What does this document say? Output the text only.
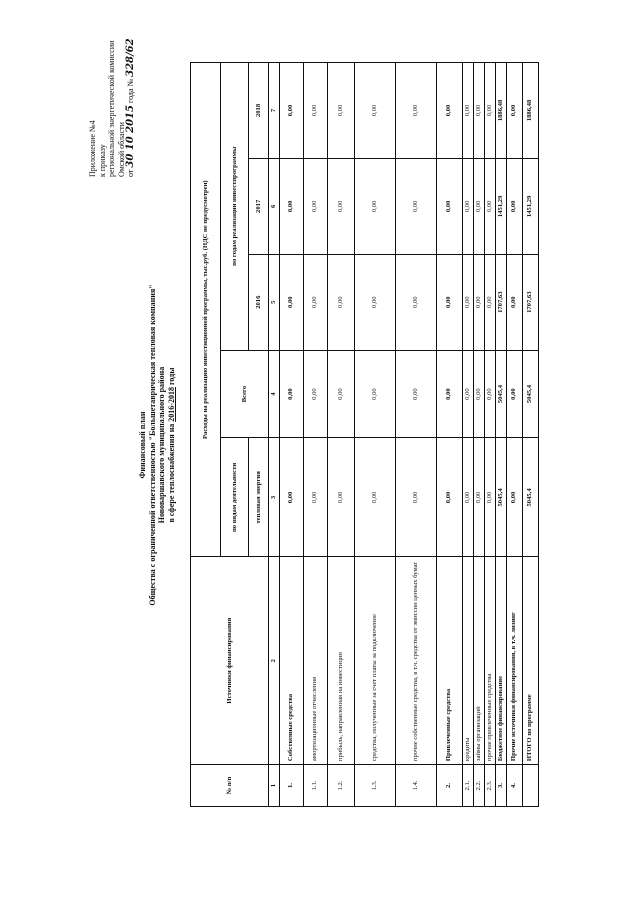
Приложение №4 к приказу региональной энергетической комиссии Омской области от 30 10 2015 года № 328/62
Финансовый план Общества с ограниченной ответственностью "Большетаврическая тепловая компания" Нововаршавского муниципального района в сфере теплоснабжения на 2016-2018 годы
№ п/п	Источники финансирования	Расходы на реализацию инвестиционной программы, тыс.руб. (НДС не предусмотрен)				
		по видам деятельности	Всего	по годам реализации инвестпрограммы		
		тепловая энергия		2016	2017	2018
1	2	3	4	5	6	7
1.	Собственные средства	0,00	0,00	0,00	0,00	0,00
1.1.	амортизационные отчисления	0,00	0,00	0,00	0,00	0,00
1.2.	прибыль, направленная на инвестиции	0,00	0,00	0,00	0,00	0,00
1.3.	средства, полученные за счет платы за подключение	0,00	0,00	0,00	0,00	0,00
1.4.	прочие собственные средства, в т.ч. средства от эмиссии ценных бумаг	0,00	0,00	0,00	0,00	0,00
2.	Привлеченные средства	0,00	0,00	0,00	0,00	0,00
2.1.	кредиты	0,00	0,00	0,00	0,00	0,00
2.2.	займы организаций	0,00	0,00	0,00	0,00	0,00
2.3.	прочие привлеченные средства	0,00	0,00	0,00	0,00	0,00
3.	Бюджетное финансирование	5045,4	5045,4	1707,63	1451,29	1886,48
4.	Прочие источники финансирования, в т.ч. лизинг	0,00	0,00	0,00	0,00	0,00
	ИТОГО по программе	5045,4	5045,4	1707,63	1451,29	1886,48
